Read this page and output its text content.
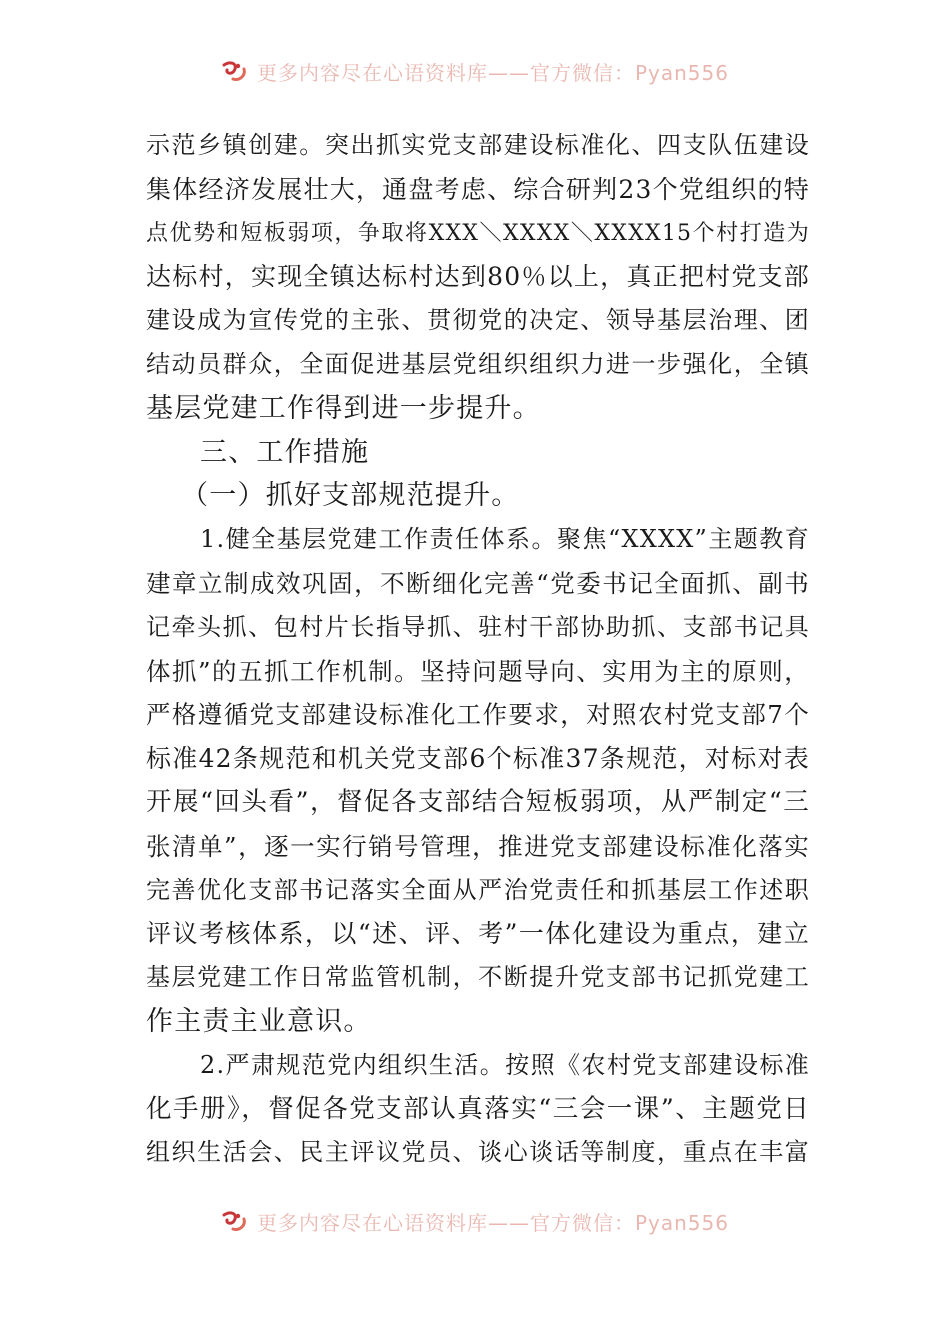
更多内容尽在心语资料库——官方微信：Pyan556
示范乡镇创建。突出抓实党支部建设标准化、四支队伍建设
集体经济发展壮大，通盘考虑、综合研判23个党组织的特
点优势和短板弱项，争取将XXX＼XXXX＼XXXX15个村打造为
达标村，实现全镇达标村达到80％以上，真正把村党支部
建设成为宣传党的主张、贯彻党的决定、领导基层治理、团
结动员群众，全面促进基层党组织组织力进一步强化，全镇
基层党建工作得到进一步提升。
三、工作措施
（一）抓好支部规范提升。
1.健全基层党建工作责任体系。聚焦“XXXX”主题教育
建章立制成效巩固，不断细化完善“党委书记全面抓、副书
记牵头抓、包村片长指导抓、驻村干部协助抓、支部书记具
体抓”的五抓工作机制。坚持问题导向、实用为主的原则，
严格遵循党支部建设标准化工作要求，对照农村党支部7个
标准42条规范和机关党支部6个标准37条规范，对标对表
开展“回头看”，督促各支部结合短板弱项，从严制定“三
张清单”，逐一实行销号管理，推进党支部建设标准化落实
完善优化支部书记落实全面从严治党责任和抓基层工作述职
评议考核体系，以“述、评、考”一体化建设为重点，建立
基层党建工作日常监管机制，不断提升党支部书记抓党建工
作主责主业意识。
2.严肃规范党内组织生活。按照《农村党支部建设标准
化手册》，督促各党支部认真落实“三会一课”、主题党日
组织生活会、民主评议党员、谈心谈话等制度，重点在丰富
更多内容尽在心语资料库——官方微信：Pyan556
